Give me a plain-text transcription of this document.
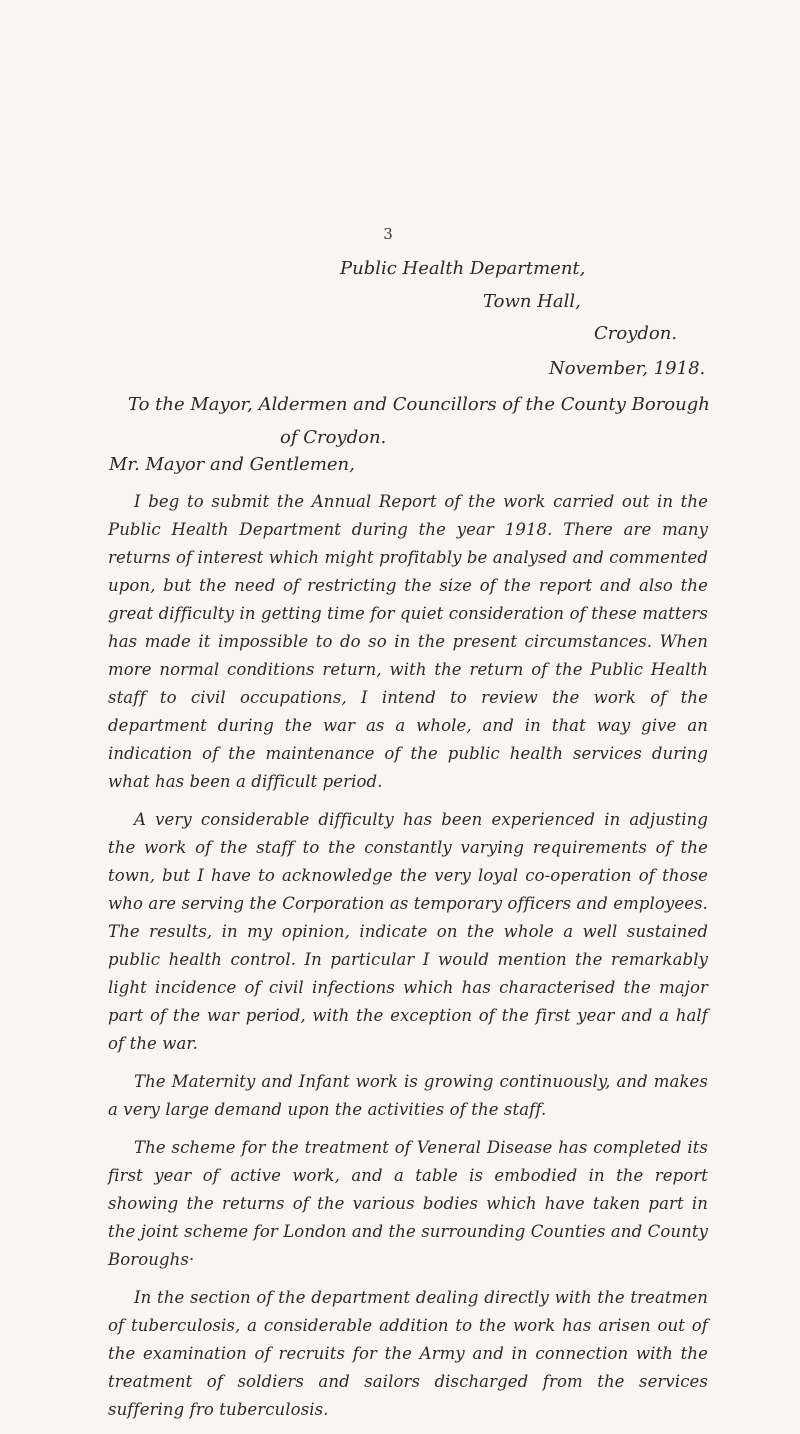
3
Public Health Department,
Town Hall,
Croydon.
November, 1918.
To the Mayor, Aldermen and Councillors of the County Borough
of Croydon.
Mr. Mayor and Gentlemen,

I beg to submit the Annual Report of the work carried out in the Public Health Department during the year 1918. There are many returns of interest which might profitably be analysed and commented upon, but the need of restricting the size of the report and also the great difficulty in getting time for quiet consideration of these matters has made it impossible to do so in the present circumstances. When more normal conditions return, with the return of the Public Health staff to civil occupations, I intend to review the work of the department during the war as a whole, and in that way give an indication of the maintenance of the public health services during what has been a difficult period.

A very considerable difficulty has been experienced in adjusting the work of the staff to the constantly varying requirements of the town, but I have to acknowledge the very loyal co-operation of those who are serving the Corporation as temporary officers and employees. The results, in my opinion, indicate on the whole a well sustained public health control. In particular I would mention the remarkably light incidence of civil infections which has characterised the major part of the war period, with the exception of the first year and a half of the war.

The Maternity and Infant work is growing continuously, and makes a very large demand upon the activities of the staff.

The scheme for the treatment of Veneral Disease has completed its first year of active work, and a table is embodied in the report showing the returns of the various bodies which have taken part in the joint scheme for London and the surrounding Counties and County Boroughs·

In the section of the department dealing directly with the treatmen of tuberculosis, a considerable addition to the work has arisen out of the examination of recruits for the Army and in connection with the treatment of soldiers and sailors discharged from the services suffering fro tuberculosis.
